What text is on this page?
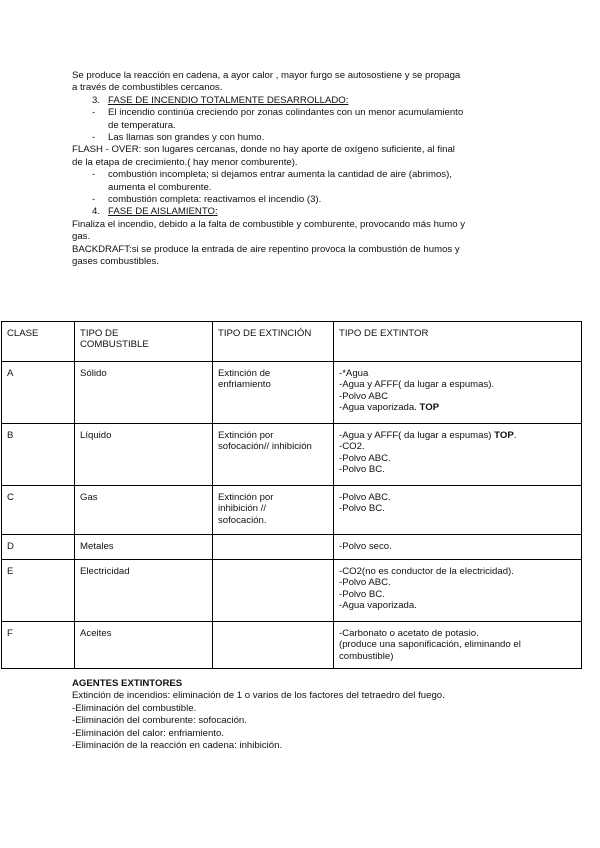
Se produce la reacción en cadena, a ayor calor , mayor furgo se autosostiene y se propaga

a través de combustibles cercanos.

3. FASE DE INCENDIO TOTALMENTE DESARROLLADO:
-	El incendio continúa creciendo por zonas colindantes con un menor acumulamiento
de temperatura.
-	Las llamas son grandes y con humo.

FLASH - OVER: son lugares cercanas, donde no hay aporte de oxígeno suficiente, al final

de la etapa de crecimiento.( hay menor comburente).

-	combustión incompleta; si dejamos entrar aumenta la cantidad de aire (abrimos),
aumenta el comburente.
-	combustión completa: reactivamos el incendio (3).
4. FASE DE AISLAMIENTO:

Finaliza el incendio, debido a la falta de combustible y comburente, provocando más humo y

gas.

BACKDRAFT:si se produce la entrada de aire repentino provoca la combustión de humos y

gases combustibles.

CLASE	TIPO DE
COMBUSTIBLE	TIPO DE EXTINCIÓN	TIPO DE EXTINTOR
A	Sólido	Extinción de
enfriamiento	-*Agua
-Agua y AFFF( da lugar a espumas).
-Polvo ABC
-Agua vaporizada. TOP
B	Líquido	Extinción por
sofocación// inhibición	-Agua y AFFF( da lugar a espumas) TOP.
-CO2.
-Polvo ABC.
-Polvo BC.
C	Gas	Extinción por
inhibición //
sofocación.	-Polvo ABC.
-Polvo BC.
D	Metales		-Polvo seco.
E	Electricidad		-CO2(no es conductor de la electricidad).
-Polvo ABC.
-Polvo BC.
-Agua vaporizada.
F	Aceites		-Carbonato o acetato de potasio.
(produce una saponificación, eliminando el
combustible)

AGENTES EXTINTORES

Extinción de incendios: eliminación de 1 o varios de los factores del tetraedro del fuego.

-Eliminación del combustible.

-Eliminación del comburente: sofocación.

-Eliminación del calor: enfriamiento.

-Eliminación de la reacción en cadena: inhibición.
